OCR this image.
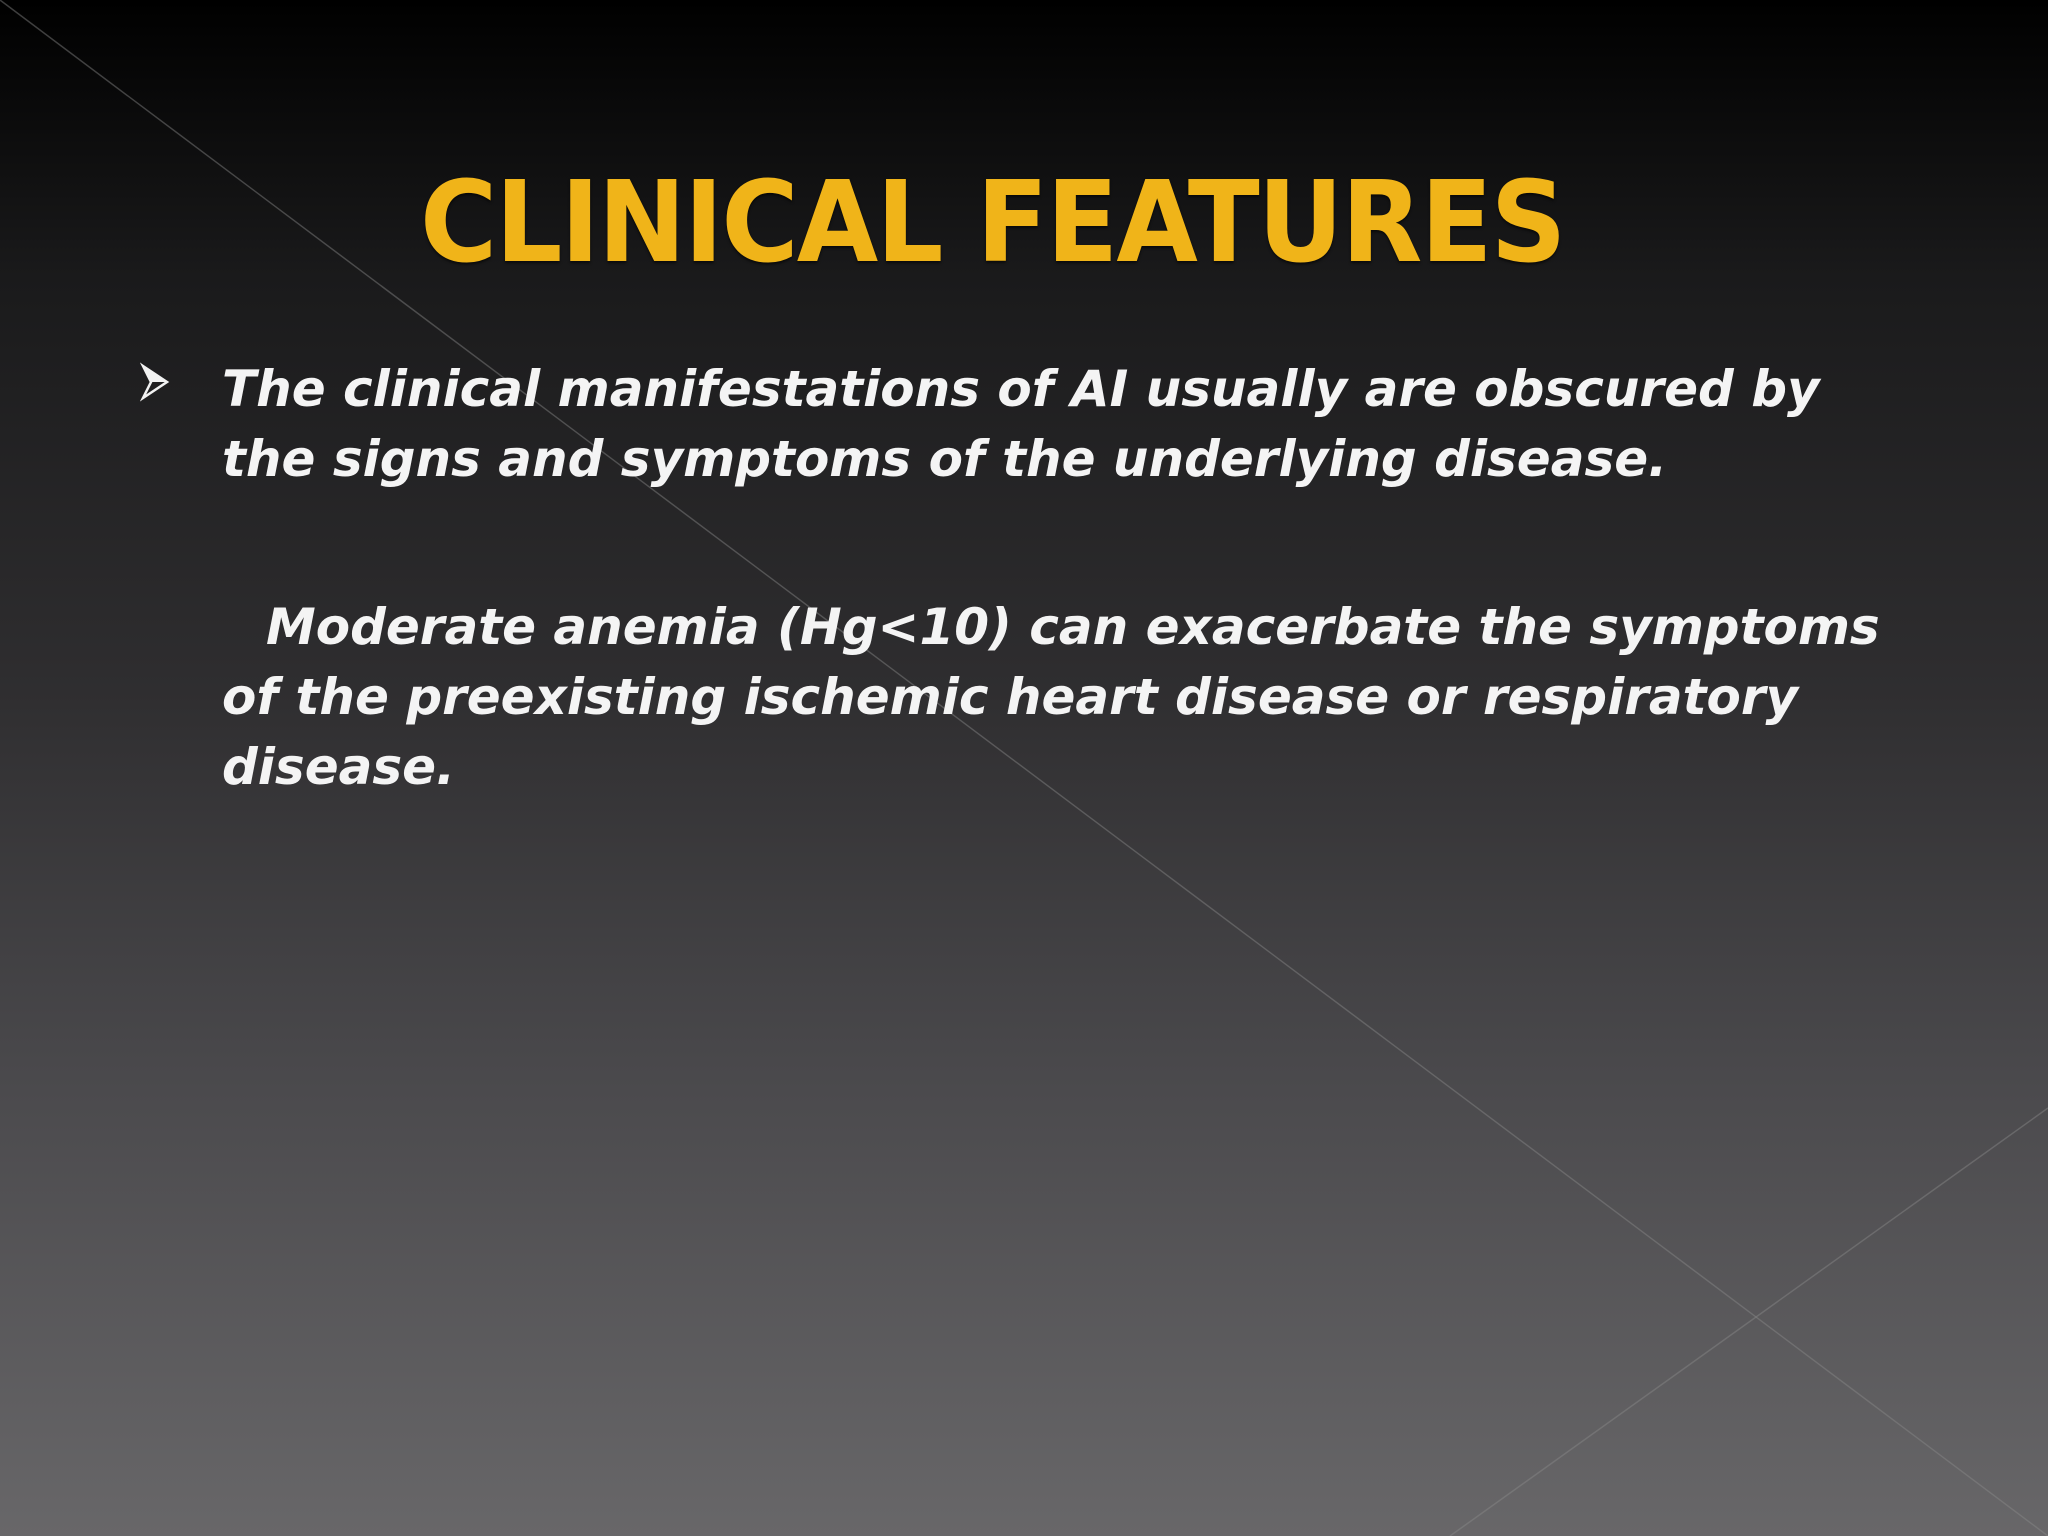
CLINICAL FEATURES

The clinical manifestations of AI usually are obscured by the signs and symptoms of the underlying disease.

Moderate anemia (Hg<10) can exacerbate the symptoms of the preexisting ischemic heart disease or respiratory disease.
